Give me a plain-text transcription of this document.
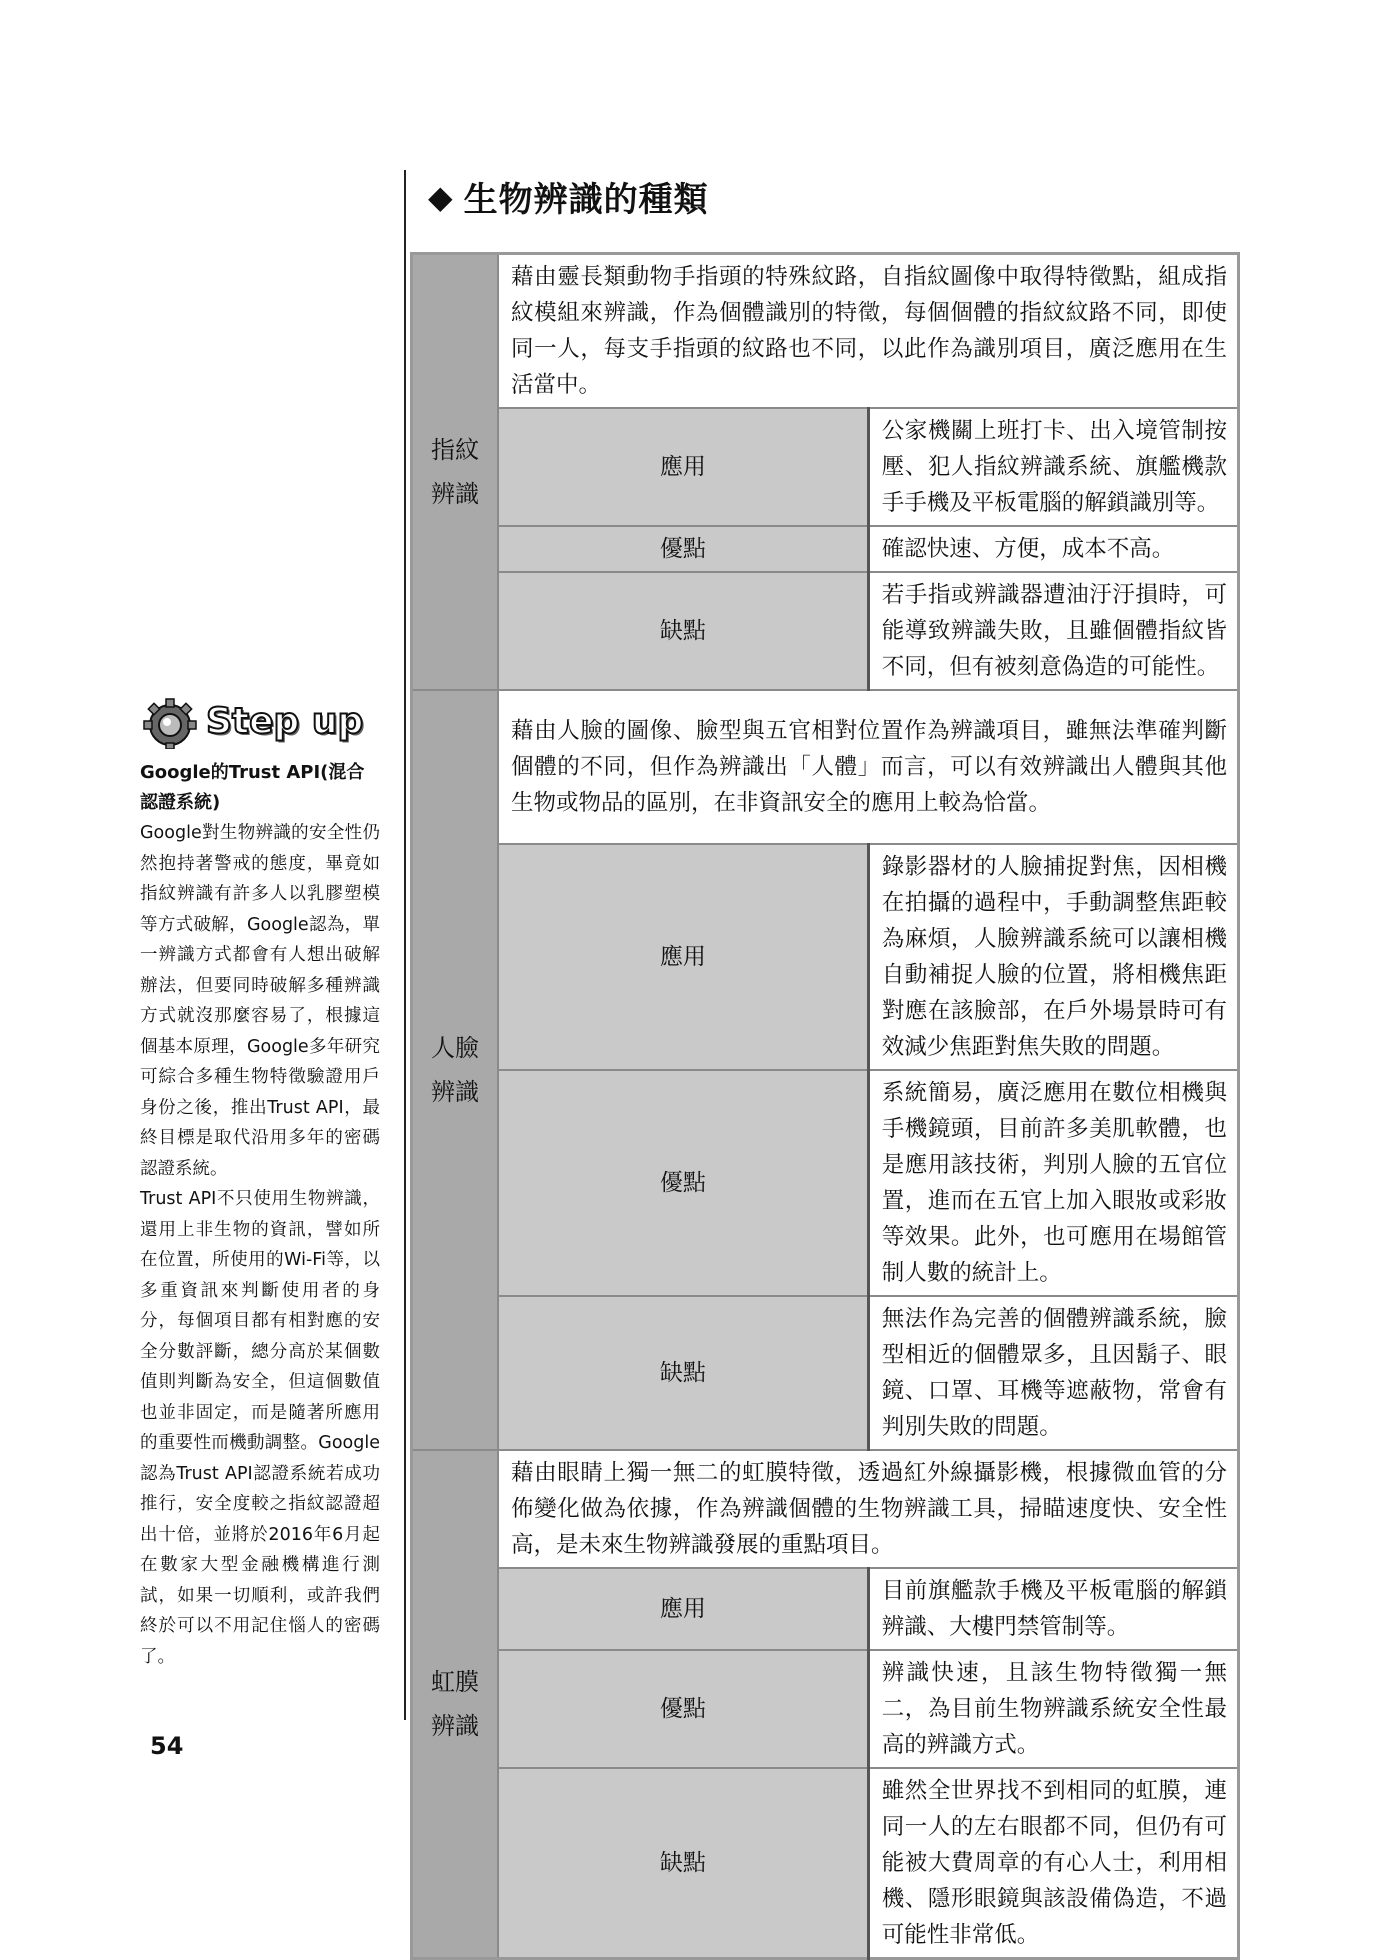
◆ 生物辨識的種類
指紋
辨識	藉由靈長類動物手指頭的特殊紋路，自指紋圖像中取得特徵點，組成指紋模組來辨識，作為個體識別的特徵，每個個體的指紋紋路不同，即使同一人，每支手指頭的紋路也不同，以此作為識別項目，廣泛應用在生活當中。	
	應用	公家機關上班打卡、出入境管制按壓、犯人指紋辨識系統、旗艦機款手手機及平板電腦的解鎖識別等。
	優點	確認快速、方便，成本不高。
	缺點	若手指或辨識器遭油汙汙損時，可能導致辨識失敗，且雖個體指紋皆不同，但有被刻意偽造的可能性。
人臉
辨識	藉由人臉的圖像、臉型與五官相對位置作為辨識項目，雖無法準確判斷個體的不同，但作為辨識出「人體」而言，可以有效辨識出人體與其他生物或物品的區別，在非資訊安全的應用上較為恰當。	
	應用	錄影器材的人臉捕捉對焦，因相機在拍攝的過程中，手動調整焦距較為麻煩，人臉辨識系統可以讓相機自動補捉人臉的位置，將相機焦距對應在該臉部，在戶外場景時可有效減少焦距對焦失敗的問題。
	優點	系統簡易，廣泛應用在數位相機與手機鏡頭，目前許多美肌軟體，也是應用該技術，判別人臉的五官位置，進而在五官上加入眼妝或彩妝等效果。此外，也可應用在場館管制人數的統計上。
	缺點	無法作為完善的個體辨識系統，臉型相近的個體眾多，且因鬍子、眼鏡、口罩、耳機等遮蔽物，常會有判別失敗的問題。
虹膜
辨識	藉由眼睛上獨一無二的虹膜特徵，透過紅外線攝影機，根據微血管的分佈變化做為依據，作為辨識個體的生物辨識工具，掃瞄速度快、安全性高，是未來生物辨識發展的重點項目。	
	應用	目前旗艦款手機及平板電腦的解鎖辨識、大樓門禁管制等。
	優點	辨識快速，且該生物特徵獨一無二，為目前生物辨識系統安全性最高的辨識方式。
	缺點	雖然全世界找不到相同的虹膜，連同一人的左右眼都不同，但仍有可能被大費周章的有心人士，利用相機、隱形眼鏡與該設備偽造，不過可能性非常低。
Step up
Google的Trust API(混合認證系統)

Google對生物辨識的安全性仍然抱持著警戒的態度，畢竟如指紋辨識有許多人以乳膠塑模等方式破解，Google認為，單一辨識方式都會有人想出破解辦法，但要同時破解多種辨識方式就沒那麼容易了，根據這個基本原理，Google多年研究可綜合多種生物特徵驗證用戶身份之後，推出Trust API，最終目標是取代沿用多年的密碼認證系統。

Trust API不只使用生物辨識，還用上非生物的資訊，譬如所在位置，所使用的Wi-Fi等，以多重資訊來判斷使用者的身分，每個項目都有相對應的安全分數評斷，總分高於某個數值則判斷為安全，但這個數值也並非固定，而是隨著所應用的重要性而機動調整。Google認為Trust API認證系統若成功推行，安全度較之指紋認證超出十倍，並將於2016年6月起在數家大型金融機構進行測試，如果一切順利，或許我們終於可以不用記住惱人的密碼了。

54
